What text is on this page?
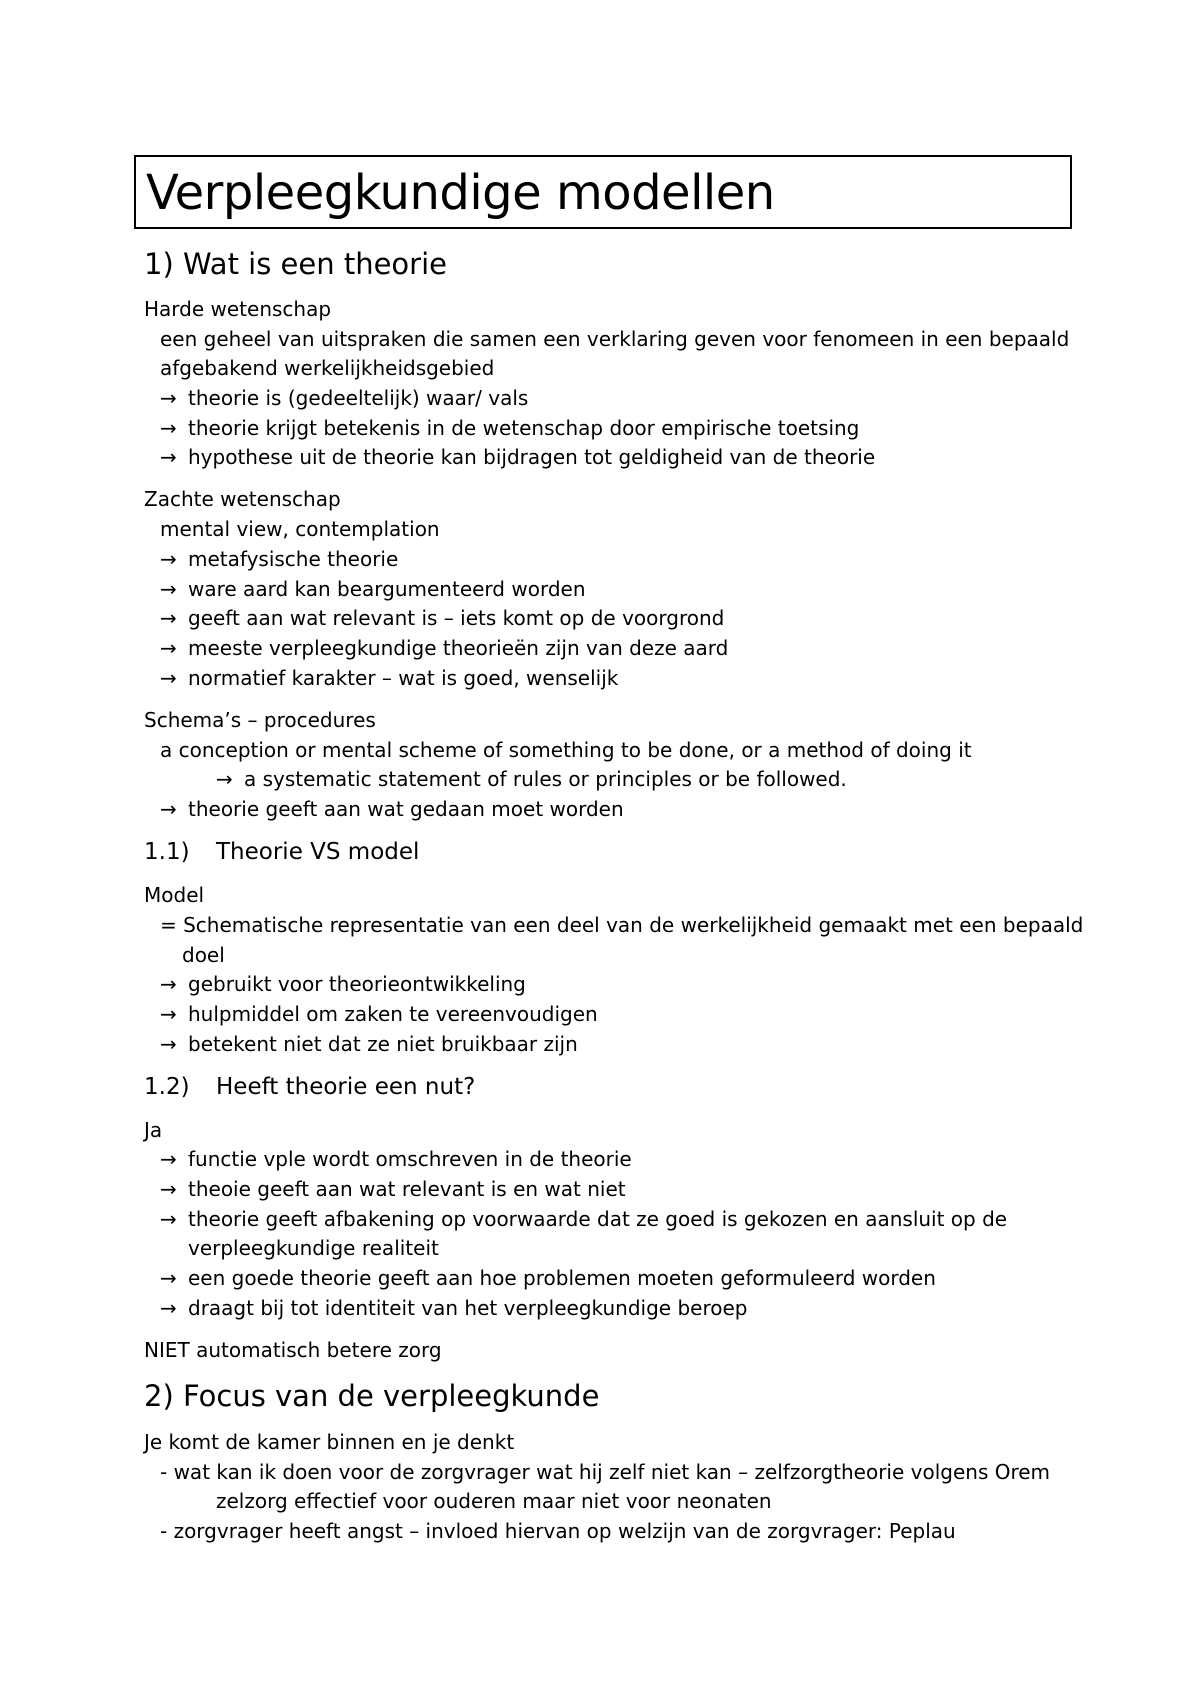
Verpleegkundige modellen
1) Wat is een theorie
Harde wetenschap
een geheel van uitspraken die samen een verklaring geven voor fenomeen in een bepaald
afgebakend werkelijkheidsgebied
→ theorie is (gedeeltelijk) waar/ vals
→ theorie krijgt betekenis in de wetenschap door empirische toetsing
→ hypothese uit de theorie kan bijdragen tot geldigheid van de theorie
Zachte wetenschap
mental view, contemplation
→ metafysische theorie
→ ware aard kan beargumenteerd worden
→ geeft aan wat relevant is – iets komt op de voorgrond
→ meeste verpleegkundige theorieën zijn van deze aard
→ normatief karakter – wat is goed, wenselijk
Schema’s – procedures
a conception or mental scheme of something to be done, or a method of doing it
→ a systematic statement of rules or principles or be followed.
→ theorie geeft aan wat gedaan moet worden
1.1) Theorie VS model
Model
= Schematische representatie van een deel van de werkelijkheid gemaakt met een bepaald
doel
→ gebruikt voor theorieontwikkeling
→ hulpmiddel om zaken te vereenvoudigen
→ betekent niet dat ze niet bruikbaar zijn
1.2) Heeft theorie een nut?
Ja
→ functie vple wordt omschreven in de theorie
→ theoie geeft aan wat relevant is en wat niet
→ theorie geeft afbakening op voorwaarde dat ze goed is gekozen en aansluit op de
verpleegkundige realiteit
→ een goede theorie geeft aan hoe problemen moeten geformuleerd worden
→ draagt bij tot identiteit van het verpleegkundige beroep
NIET automatisch betere zorg
2) Focus van de verpleegkunde
Je komt de kamer binnen en je denkt
- wat kan ik doen voor de zorgvrager wat hij zelf niet kan – zelfzorgtheorie volgens Orem
zelzorg effectief voor ouderen maar niet voor neonaten
- zorgvrager heeft angst – invloed hiervan op welzijn van de zorgvrager: Peplau
